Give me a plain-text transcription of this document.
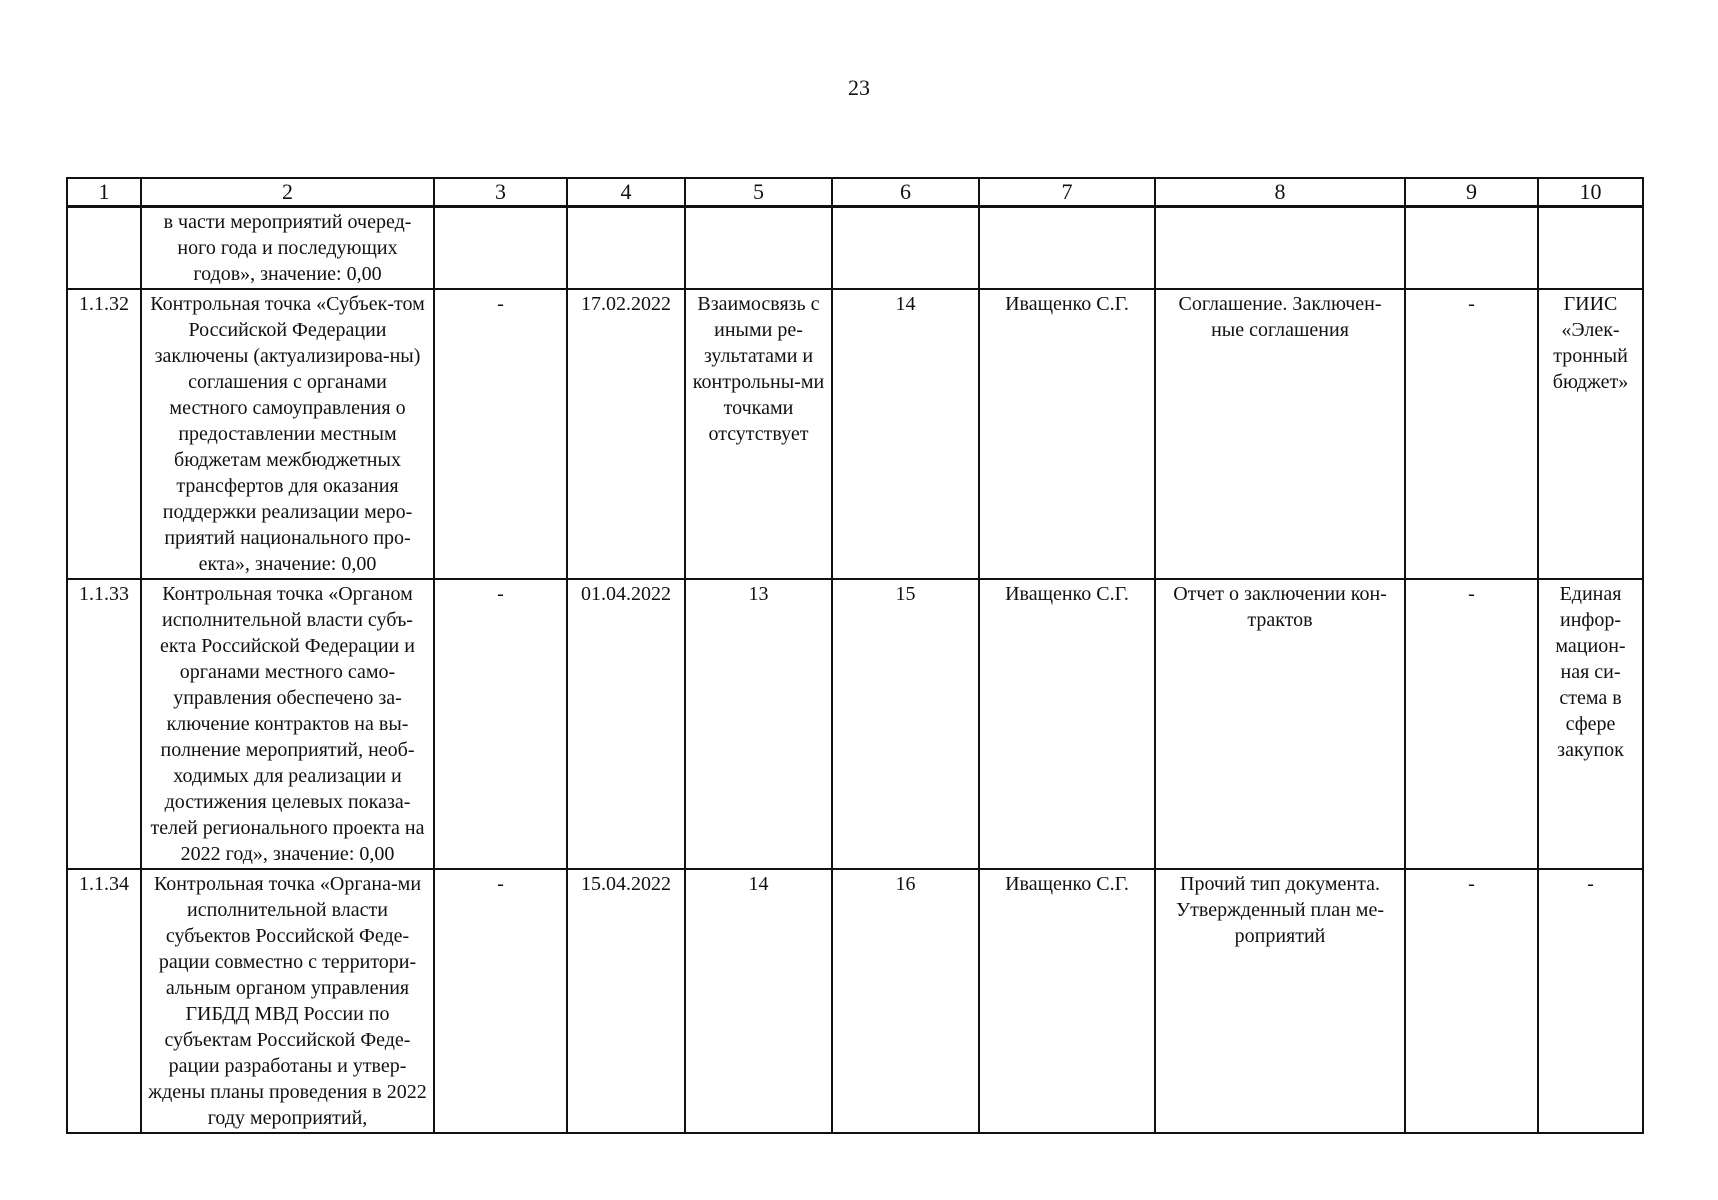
23
1	2	3	4	5	6	7	8	9	10
	в части мероприятий очеред-ного года и последующих годов», значение: 0,00								
1.1.32	Контрольная точка «Субъек-том Российской Федерации заключены (актуализирова-ны) соглашения с органами местного самоуправления о предоставлении местным бюджетам межбюджетных трансфертов для оказания поддержки реализации меро-приятий национального про-екта», значение: 0,00	-	17.02.2022	Взаимосвязь с иными ре-зультатами и контрольны-ми точками отсутствует	14	Иващенко С.Г.	Соглашение. Заключен-ные соглашения	-	ГИИС «Элек-тронный бюджет»
1.1.33	Контрольная точка «Органом исполнительной власти субъ-екта Российской Федерации и органами местного само-управления обеспечено за-ключение контрактов на вы-полнение мероприятий, необ-ходимых для реализации и достижения целевых показа-телей регионального проекта на 2022 год», значение: 0,00	-	01.04.2022	13	15	Иващенко С.Г.	Отчет о заключении кон-трактов	-	Единая инфор-мацион-ная си-стема в сфере закупок
1.1.34	Контрольная точка «Органа-ми исполнительной власти субъектов Российской Феде-рации совместно с территори-альным органом управления ГИБДД МВД России по субъектам Российской Феде-рации разработаны и утвер-ждены планы проведения в 2022 году мероприятий,	-	15.04.2022	14	16	Иващенко С.Г.	Прочий тип документа. Утвержденный план ме-роприятий	-	-
